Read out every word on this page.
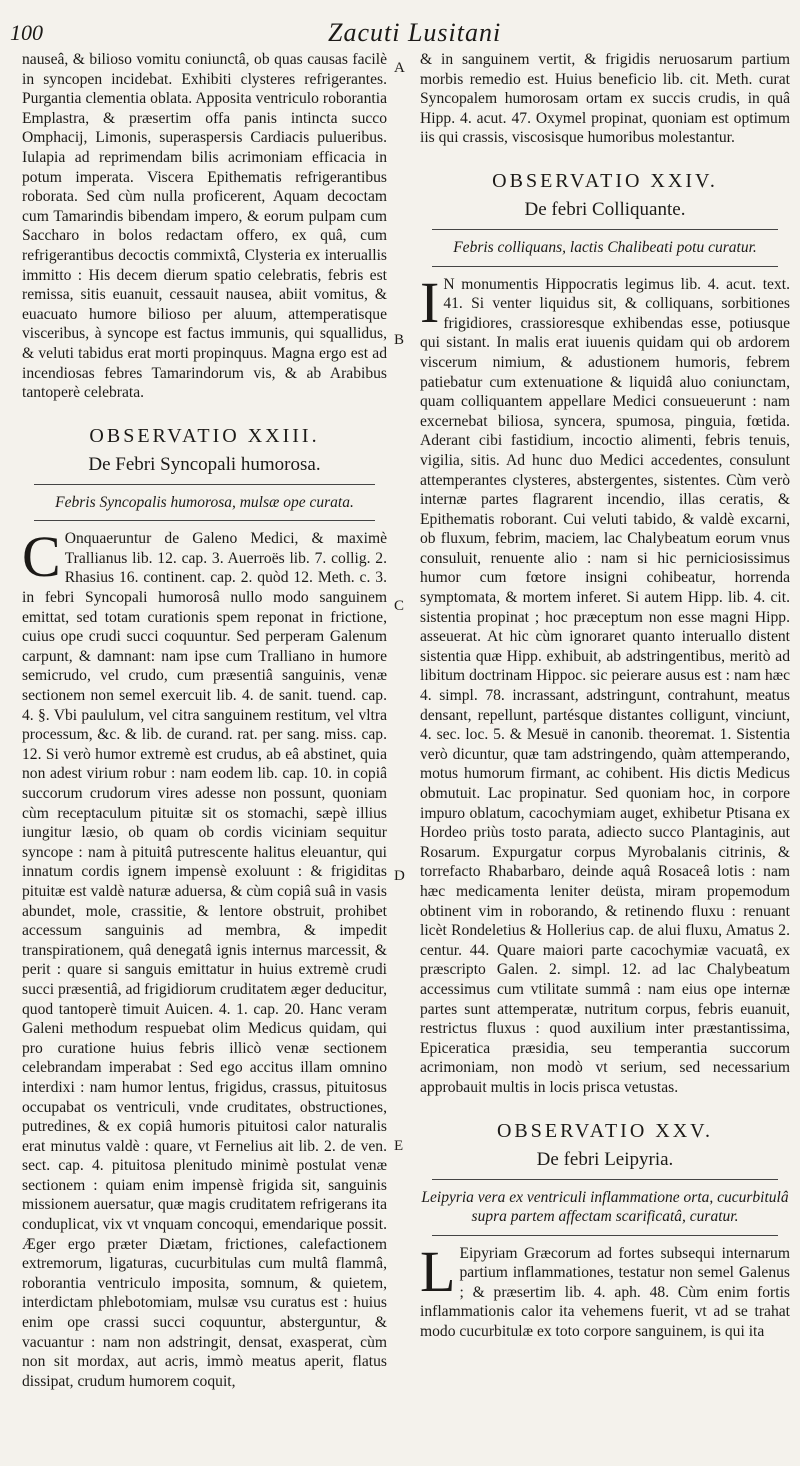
100	Zacuti Lusitani
A
B
C
D
E

nauseâ, & bilioso vomitu coniunctâ, ob quas causas facilè in syncopen incidebat. Exhibiti clysteres refrigerantes. Purgantia clementia oblata. Apposita ventriculo roborantia Emplastra, & præsertim offa panis intincta succo Omphacij, Limonis, superaspersis Cardiacis pulueribus. Iulapia ad reprimendam bilis acrimoniam efficacia in potum imperata. Viscera Epithematis refrigerantibus roborata. Sed cùm nulla proficerent, Aquam decoctam cum Tamarindis bibendam impero, & eorum pulpam cum Saccharo in bolos redactam offero, ex quâ, cum refrigerantibus decoctis commixtâ, Clysteria ex interuallis immitto : His decem dierum spatio celebratis, febris est remissa, sitis euanuit, cessauit nausea, abiit vomitus, & euacuato humore bilioso per aluum, attemperatisque visceribus, à syncope est factus immunis, qui squallidus, & veluti tabidus erat morti propinquus. Magna ergo est ad incendiosas febres Tamarindorum vis, & ab Arabibus tantoperè celebrata.

OBSERVATIO XXIII.
De Febri Syncopali humorosa.
Febris Syncopalis humorosa, mulsæ ope curata.

C Onquaeruntur de Galeno Medici, & maximè Trallianus lib. 12. cap. 3. Auerroës lib. 7. collig. 2. Rhasius 16. continent. cap. 2. quòd 12. Meth. c. 3. in febri Syncopali humorosâ nullo modo sanguinem emittat, sed totam curationis spem reponat in frictione, cuius ope crudi succi coquuntur. Sed perperam Galenum carpunt, & damnant: nam ipse cum Tralliano in humore semicrudo, vel crudo, cum præsentiâ sanguinis, venæ sectionem non semel exercuit lib. 4. de sanit. tuend. cap. 4. §. Vbi paululum, vel citra sanguinem restitum, vel vltra processum, &c. & lib. de curand. rat. per sang. miss. cap. 12. Si verò humor extremè est crudus, ab eâ abstinet, quia non adest virium robur : nam eodem lib. cap. 10. in copiâ succorum crudorum vires adesse non possunt, quoniam cùm receptaculum pituitæ sit os stomachi, sæpè illius iungitur læsio, ob quam ob cordis viciniam sequitur syncope : nam à pituitâ putrescente halitus eleuantur, qui innatum cordis ignem impensè exoluunt : & frigiditas pituitæ est valdè naturæ aduersa, & cùm copiâ suâ in vasis abundet, mole, crassitie, & lentore obstruit, prohibet accessum sanguinis ad membra, & impedit transpirationem, quâ denegatâ ignis internus marcessit, & perit : quare si sanguis emittatur in huius extremè crudi succi præsentiâ, ad frigidiorum cruditatem æger deducitur, quod tantoperè timuit Auicen. 4. 1. cap. 20. Hanc veram Galeni methodum respuebat olim Medicus quidam, qui pro curatione huius febris illicò venæ sectionem celebrandam imperabat : Sed ego accitus illam omnino interdixi : nam humor lentus, frigidus, crassus, pituitosus occupabat os ventriculi, vnde cruditates, obstructiones, putredines, & ex copiâ humoris pituitosi calor naturalis erat minutus valdè : quare, vt Fernelius ait lib. 2. de ven. sect. cap. 4. pituitosa plenitudo minimè postulat venæ sectionem : quiam enim impensè frigida sit, sanguinis missionem auersatur, quæ magis cruditatem refrigerans ita conduplicat, vix vt vnquam concoqui, emendarique possit. Æger ergo præter Diætam, frictiones, calefactionem extremorum, ligaturas, cucurbitulas cum multâ flammâ, roborantia ventriculo imposita, somnum, & quietem, interdictam phlebotomiam, mulsæ vsu curatus est : huius enim ope crassi succi coquuntur, absterguntur, & vacuantur : nam non adstringit, densat, exasperat, cùm non sit mordax, aut acris, immò meatus aperit, flatus dissipat, crudum humorem coquit,

& in sanguinem vertit, & frigidis neruosarum partium morbis remedio est. Huius beneficio lib. cit. Meth. curat Syncopalem humorosam ortam ex succis crudis, in quâ Hipp. 4. acut. 47. Oxymel propinat, quoniam est optimum iis qui crassis, viscosisque humoribus molestantur.

OBSERVATIO XXIV.
De febri Colliquante.
Febris colliquans, lactis Chalibeati potu curatur.

I N monumentis Hippocratis legimus lib. 4. acut. text. 41. Si venter liquidus sit, & colliquans, sorbitiones frigidiores, crassioresque exhibendas esse, potiusque qui sistant. In malis erat iuuenis quidam qui ob ardorem viscerum nimium, & adustionem humoris, febrem patiebatur cum extenuatione & liquidâ aluo coniunctam, quam colliquantem appellare Medici consueuerunt : nam excernebat biliosa, syncera, spumosa, pinguia, fœtida. Aderant cibi fastidium, incoctio alimenti, febris tenuis, vigilia, sitis. Ad hunc duo Medici accedentes, consulunt attemperantes clysteres, abstergentes, sistentes. Cùm verò internæ partes flagrarent incendio, illas ceratis, & Epithematis roborant. Cui veluti tabido, & valdè excarni, ob fluxum, febrim, maciem, lac Chalybeatum eorum vnus consuluit, renuente alio : nam si hic perniciosissimus humor cum fœtore insigni cohibeatur, horrenda symptomata, & mortem inferet. Si autem Hipp. lib. 4. cit. sistentia propinat ; hoc præceptum non esse magni Hipp. asseuerat. At hic cùm ignoraret quanto interuallo distent sistentia quæ Hipp. exhibuit, ab adstringentibus, meritò ad libitum doctrinam Hippoc. sic peierare ausus est : nam hæc 4. simpl. 78. incrassant, adstringunt, contrahunt, meatus densant, repellunt, partésque distantes colligunt, vinciunt, 4. sec. loc. 5. & Mesuë in canonib. theoremat. 1. Sistentia verò dicuntur, quæ tam adstringendo, quàm attemperando, motus humorum firmant, ac cohibent. His dictis Medicus obmutuit. Lac propinatur. Sed quoniam hoc, in corpore impuro oblatum, cacochymiam auget, exhibetur Ptisana ex Hordeo priùs tosto parata, adiecto succo Plantaginis, aut Rosarum. Expurgatur corpus Myrobalanis citrinis, & torrefacto Rhabarbaro, deinde aquâ Rosaceâ lotis : nam hæc medicamenta leniter deüsta, miram propemodum obtinent vim in roborando, & retinendo fluxu : renuant licèt Rondeletius & Hollerius cap. de alui fluxu, Amatus 2. centur. 44. Quare maiori parte cacochymiæ vacuatâ, ex præscripto Galen. 2. simpl. 12. ad lac Chalybeatum accessimus cum vtilitate summâ : nam eius ope internæ partes sunt attemperatæ, nutritum corpus, febris euanuit, restrictus fluxus : quod auxilium inter præstantissima, Epiceratica præsidia, seu temperantia succorum acrimoniam, non modò vt serium, sed necessarium approbauit multis in locis prisca vetustas.

OBSERVATIO XXV.
De febri Leipyria.
Leipyria vera ex ventriculi inflammatione orta, cucurbitulâ supra partem affectam scarificatâ, curatur.

L Eipyriam Græcorum ad fortes subsequi internarum partium inflammationes, testatur non semel Galenus ; & præsertim lib. 4. aph. 48. Cùm enim fortis inflammationis calor ita vehemens fuerit, vt ad se trahat modo cucurbitulæ ex toto corpore sanguinem, is qui ita
